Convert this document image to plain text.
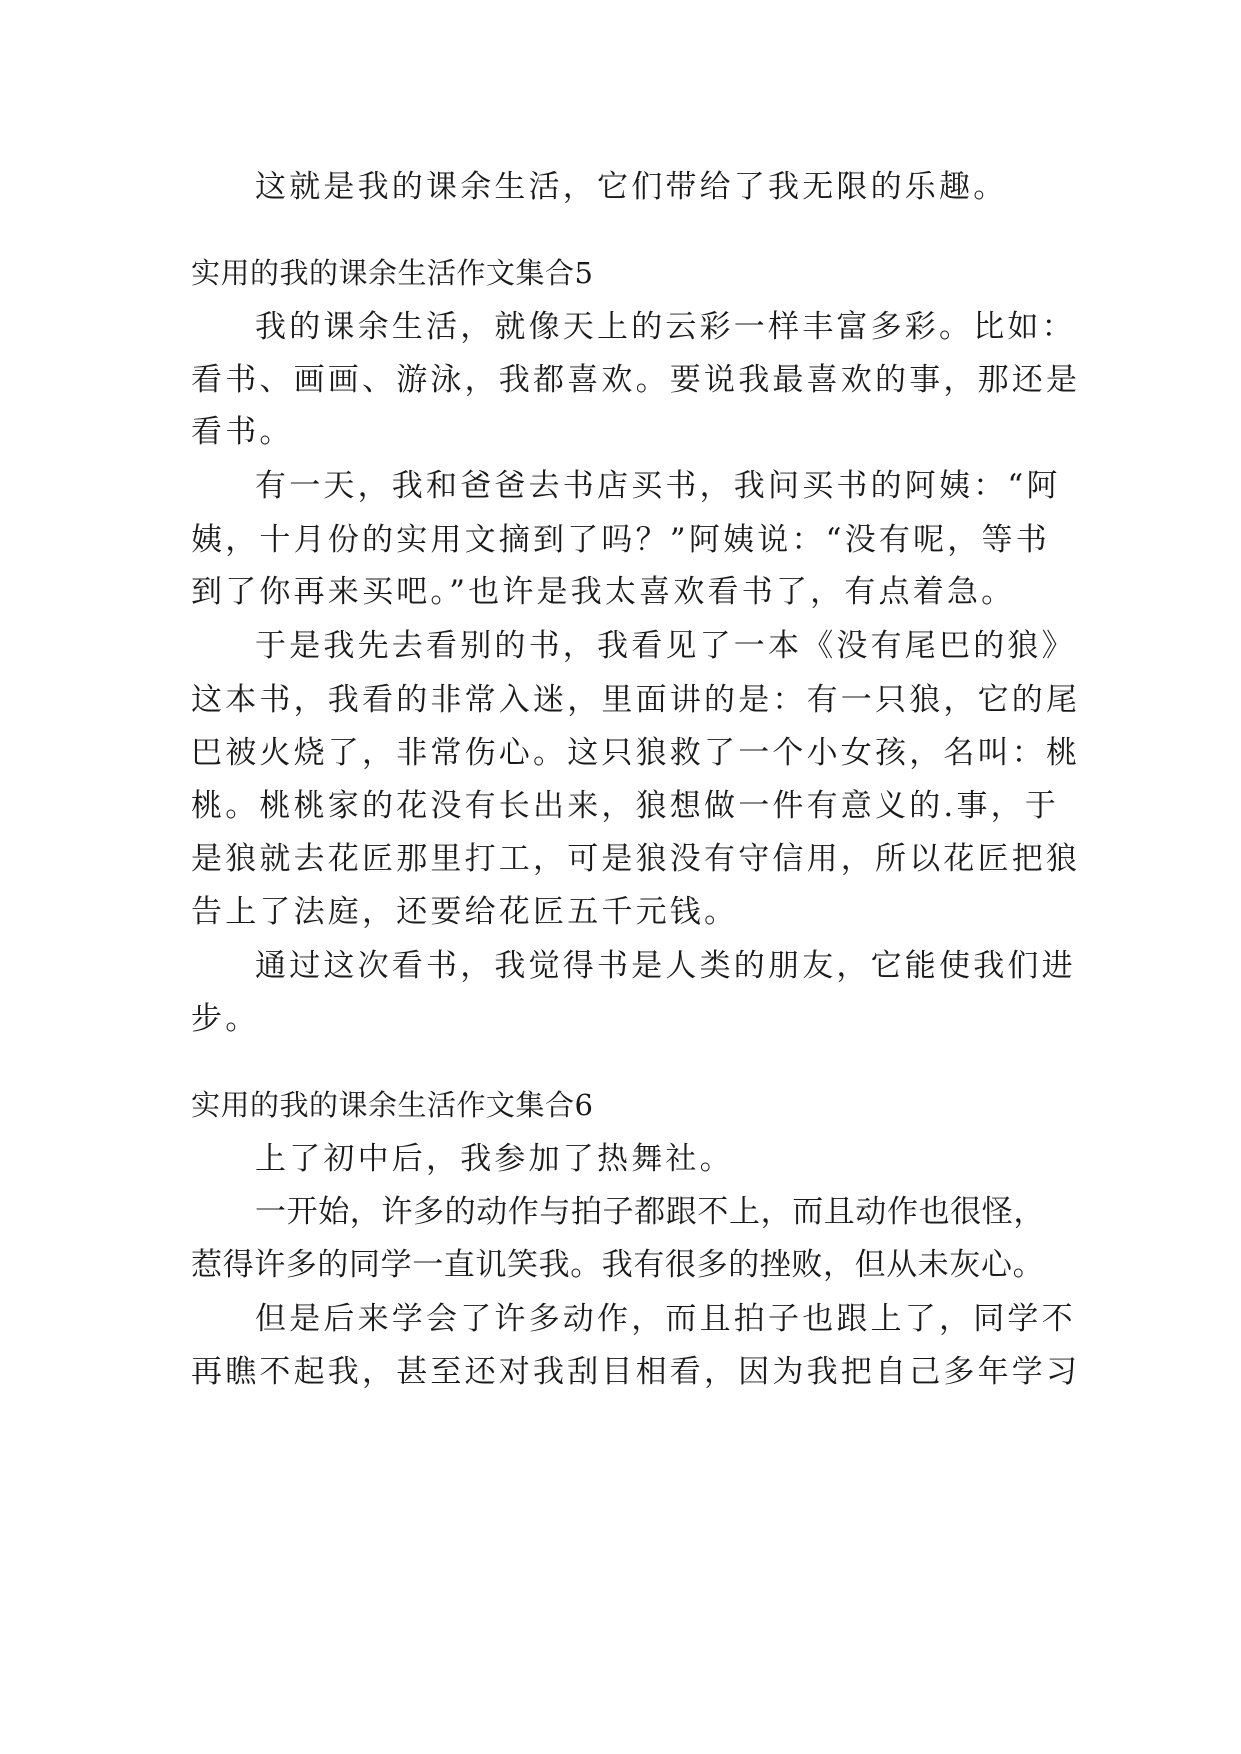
这就是我的课余生活，它们带给了我无限的乐趣。
实用的我的课余生活作文集合5
我的课余生活，就像天上的云彩一样丰富多彩。比如：
看书、画画、游泳，我都喜欢。要说我最喜欢的事，那还是
看书。
有一天，我和爸爸去书店买书，我问买书的阿姨：“阿
姨，十月份的实用文摘到了吗？”阿姨说：“没有呢，等书
到了你再来买吧。”也许是我太喜欢看书了，有点着急。
于是我先去看别的书，我看见了一本《没有尾巴的狼》
这本书，我看的非常入迷，里面讲的是：有一只狼，它的尾
巴被火烧了，非常伤心。这只狼救了一个小女孩，名叫：桃
桃。桃桃家的花没有长出来，狼想做一件有意义的.事，于
是狼就去花匠那里打工，可是狼没有守信用，所以花匠把狼
告上了法庭，还要给花匠五千元钱。
通过这次看书，我觉得书是人类的朋友，它能使我们进
步。
实用的我的课余生活作文集合6
上了初中后，我参加了热舞社。
一开始，许多的动作与拍子都跟不上，而且动作也很怪，
惹得许多的同学一直讥笑我。我有很多的挫败，但从未灰心。
但是后来学会了许多动作，而且拍子也跟上了，同学不
再瞧不起我，甚至还对我刮目相看，因为我把自己多年学习
